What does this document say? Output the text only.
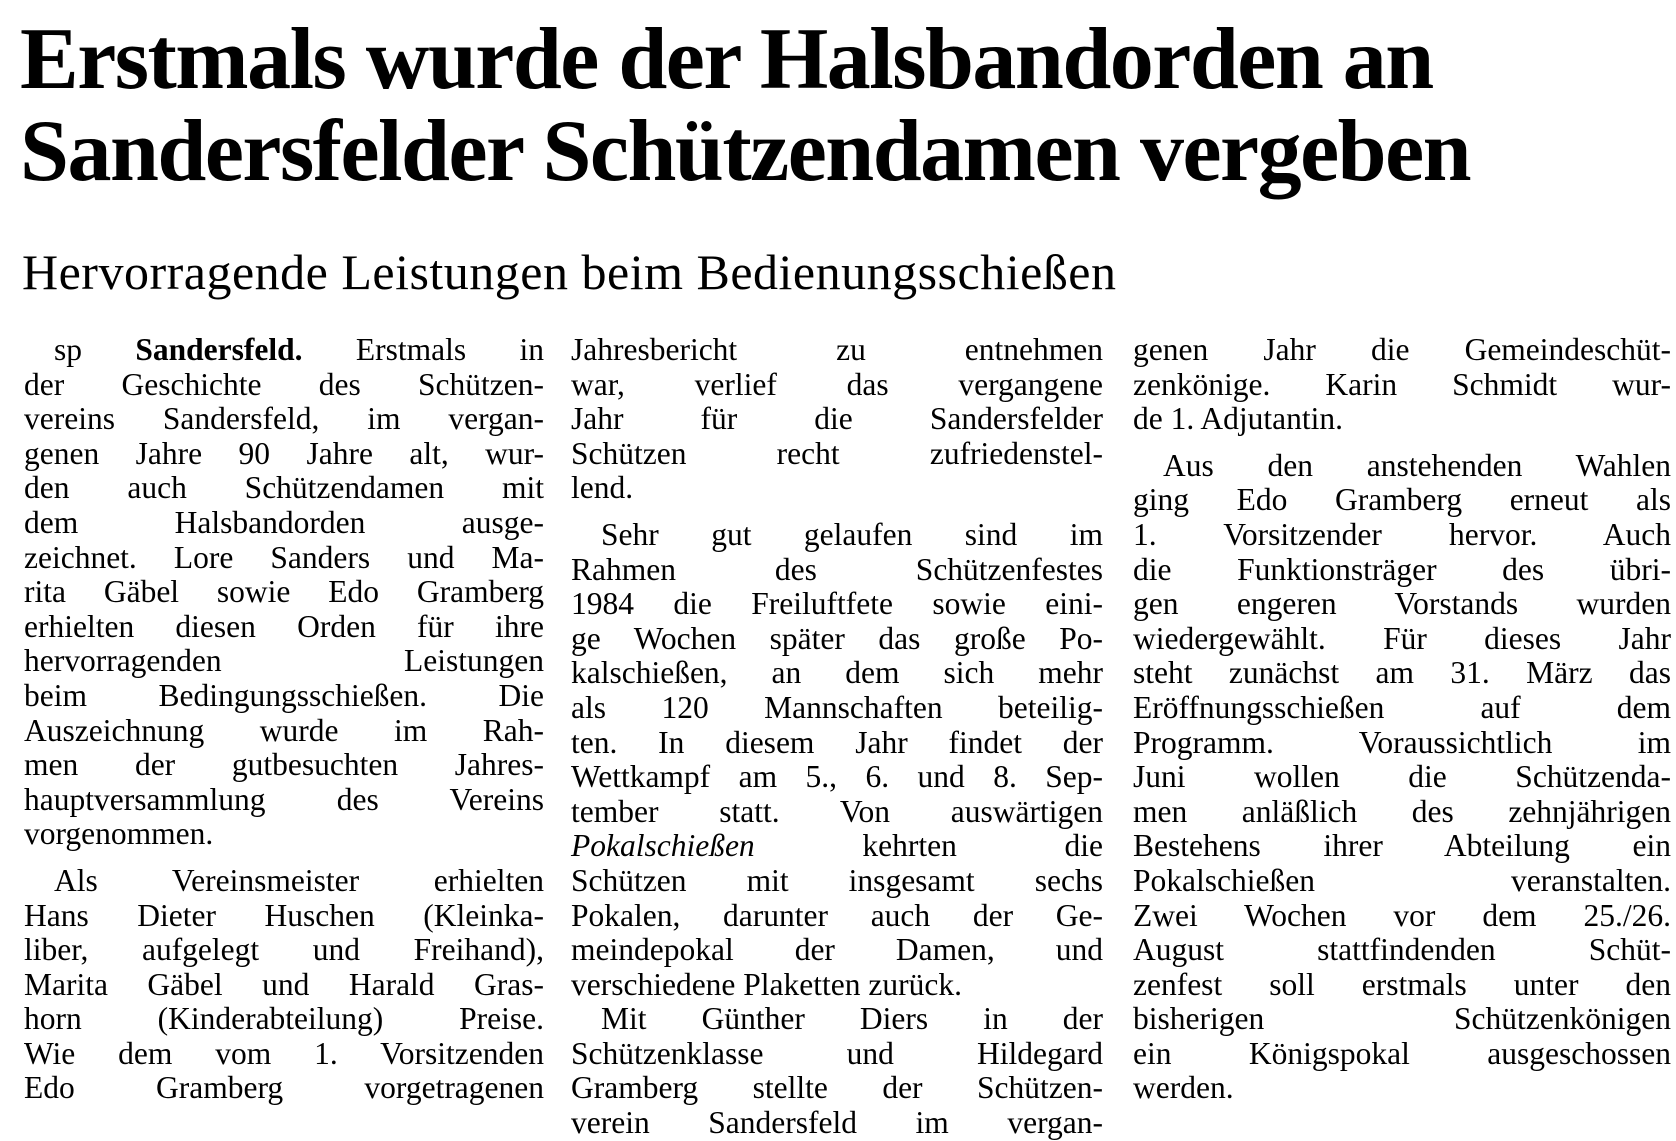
Erstmals wurde der Halsbandorden an
Sandersfelder Schützendamen vergeben
Hervorragende Leistungen beim Bedienungsschießen
sp Sandersfeld. Erstmals in
der Geschichte des Schützen-
vereins Sandersfeld, im vergan-
genen Jahre 90 Jahre alt, wur-
den auch Schützendamen mit
dem Halsbandorden ausge-
zeichnet. Lore Sanders und Ma-
rita Gäbel sowie Edo Gramberg
erhielten diesen Orden für ihre
hervorragenden Leistungen
beim Bedingungsschießen. Die
Auszeichnung wurde im Rah-
men der gutbesuchten Jahres-
hauptversammlung des Vereins
vorgenommen.
Als Vereinsmeister erhielten
Hans Dieter Huschen (Kleinka-
liber, aufgelegt und Freihand),
Marita Gäbel und Harald Gras-
horn (Kinderabteilung) Preise.
Wie dem vom 1. Vorsitzenden
Edo Gramberg vorgetragenen
Jahresbericht zu entnehmen
war, verlief das vergangene
Jahr für die Sandersfelder
Schützen recht zufriedenstel-
lend.
Sehr gut gelaufen sind im
Rahmen des Schützenfestes
1984 die Freiluftfete sowie eini-
ge Wochen später das große Po-
kalschießen, an dem sich mehr
als 120 Mannschaften beteilig-
ten. In diesem Jahr findet der
Wettkampf am 5., 6. und 8. Sep-
tember statt. Von auswärtigen
Pokalschießen	kehrten die
Schützen mit insgesamt sechs
Pokalen, darunter auch der Ge-
meindepokal der Damen, und
verschiedene Plaketten zurück.
Mit Günther Diers in der
Schützenklasse und Hildegard
Gramberg stellte der Schützen-
verein Sandersfeld im vergan-
genen Jahr die Gemeindeschüt-
zenkönige. Karin Schmidt wur-
de 1. Adjutantin.
Aus den anstehenden Wahlen
ging Edo Gramberg erneut als
1. Vorsitzender hervor. Auch
die Funktionsträger des übri-
gen engeren Vorstands wurden
wiedergewählt. Für dieses Jahr
steht zunächst am 31. März das
Eröffnungsschießen auf dem
Programm. Voraussichtlich im
Juni wollen die Schützenda-
men anläßlich des zehnjährigen
Bestehens ihrer Abteilung ein
Pokalschießen veranstalten.
Zwei Wochen vor dem 25./26.
August stattfindenden Schüt-
zenfest soll erstmals unter den
bisherigen Schützenkönigen
ein Königspokal ausgeschossen
werden.
